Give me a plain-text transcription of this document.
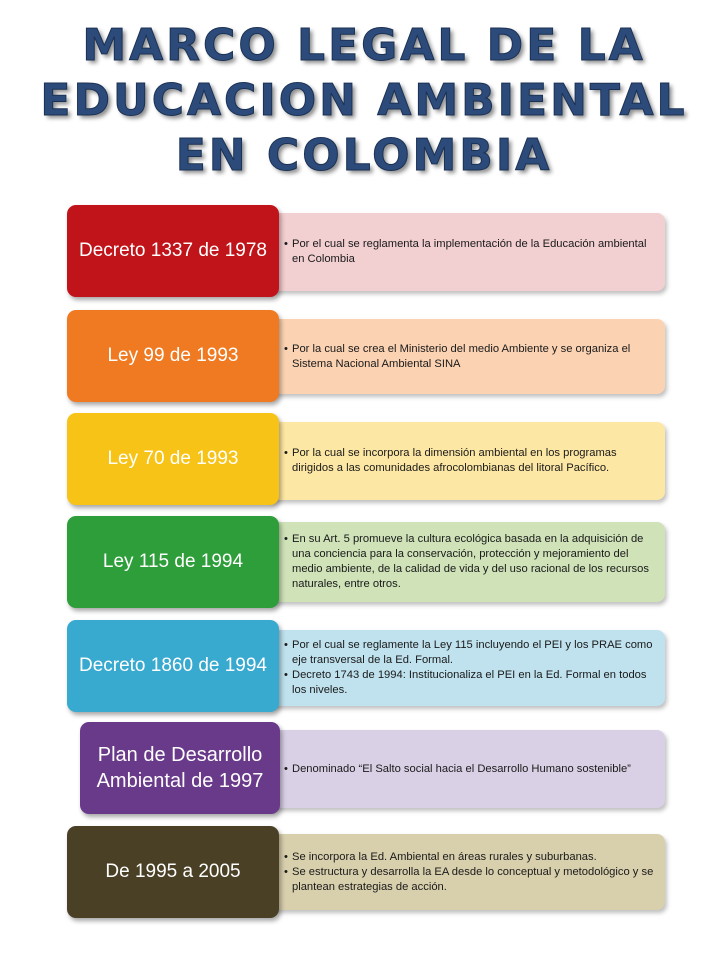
MARCO LEGAL DE LA
EDUCACION AMBIENTAL
EN COLOMBIA
• Por el cual se reglamenta la implementación de la Educación ambiental en Colombia
Decreto 1337 de 1978
• Por la cual se crea el Ministerio del medio Ambiente y se organiza el Sistema Nacional Ambiental SINA
Ley 99 de 1993
• Por la cual se incorpora la dimensión ambiental en los programas dirigidos a las comunidades afrocolombianas del litoral Pacífico.
Ley 70 de 1993
• En su Art. 5 promueve la cultura ecológica basada en la adquisición de una conciencia para la conservación, protección y mejoramiento del medio ambiente, de la calidad de vida y del uso racional de los recursos naturales, entre otros.
Ley 115 de 1994
• Por el cual se reglamente la Ley 115 incluyendo el PEI y los PRAE como eje transversal de la Ed. Formal.
• Decreto 1743 de 1994: Institucionaliza el PEI en la Ed. Formal en todos los niveles.
Decreto 1860 de 1994
• Denominado “El Salto social hacia el Desarrollo Humano sostenible”
Plan de Desarrollo Ambiental de 1997
• Se incorpora la Ed. Ambiental en áreas rurales y suburbanas.
• Se estructura y desarrolla la EA desde lo conceptual y metodológico y se plantean estrategias de acción.
De 1995 a 2005
